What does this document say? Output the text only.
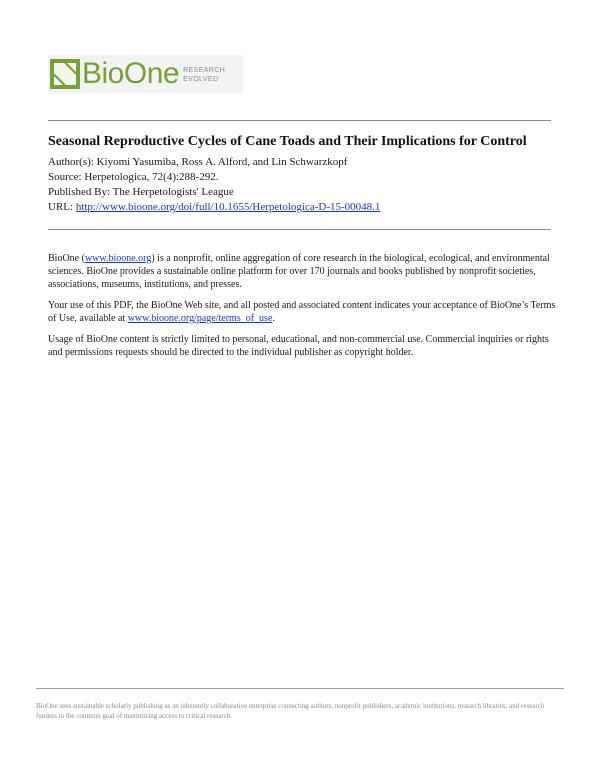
BioOne RESEARCH
EVOLVED
Seasonal Reproductive Cycles of Cane Toads and Their Implications for Control
Author(s): Kiyomi Yasumiba, Ross A. Alford, and Lin Schwarzkopf
Source: Herpetologica, 72(4):288-292.
Published By: The Herpetologists' League
URL: http://www.bioone.org/doi/full/10.1655/Herpetologica-D-15-00048.1

BioOne (www.bioone.org) is a nonprofit, online aggregation of core research in the biological, ecological, and environmental sciences. BioOne provides a sustainable online platform for over 170 journals and books published by nonprofit societies, associations, museums, institutions, and presses.

Your use of this PDF, the BioOne Web site, and all posted and associated content indicates your acceptance of BioOne’s Terms of Use, available at www.bioone.org/page/terms_of_use.

Usage of BioOne content is strictly limited to personal, educational, and non-commercial use. Commercial inquiries or rights and permissions requests should be directed to the individual publisher as copyright holder.

BioOne sees sustainable scholarly publishing as an inherently collaborative enterprise connecting authors, nonprofit publishers, academic institutions, research libraries, and research funders in the common goal of maximizing access to critical research.
